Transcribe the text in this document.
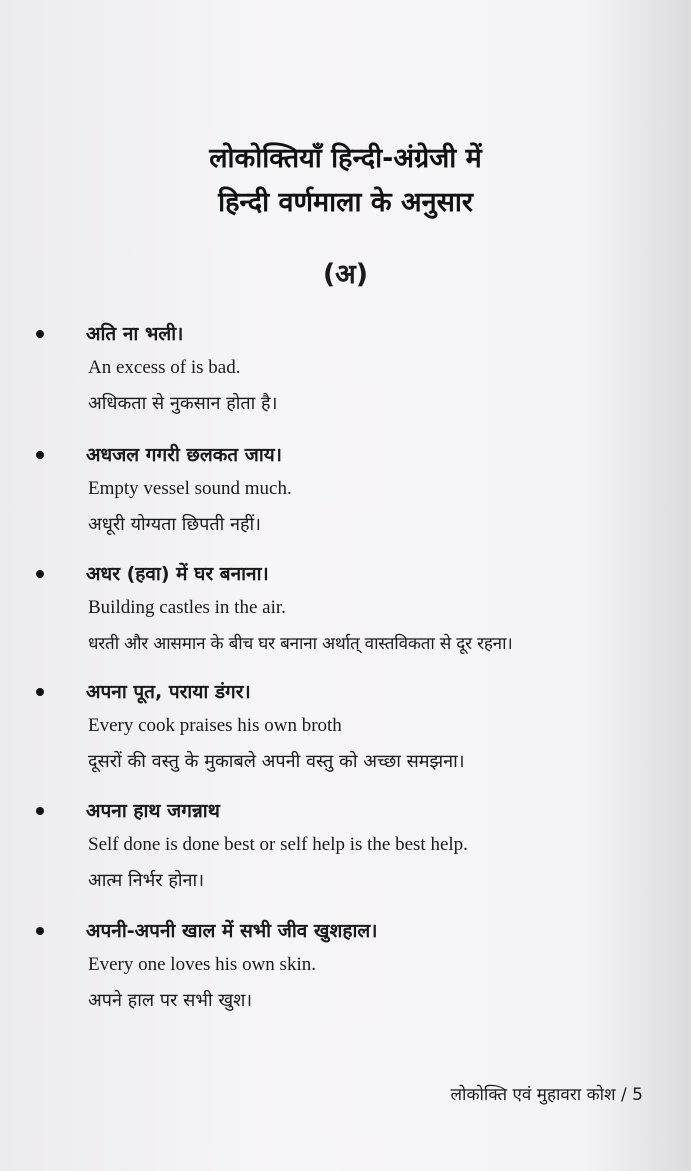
लोकोक्तियाँ हिन्दी-अंग्रेजी में
हिन्दी वर्णमाला के अनुसार
(अ)
अति ना भली।
An excess of is bad.
अधिकता से नुकसान होता है।
अधजल गगरी छलकत जाय।
Empty vessel sound much.
अधूरी योग्यता छिपती नहीं।
अधर (हवा) में घर बनाना।
Building castles in the air.
धरती और आसमान के बीच घर बनाना अर्थात् वास्तविकता से दूर रहना।
अपना पूत, पराया डंगर।
Every cook praises his own broth
दूसरों की वस्तु के मुकाबले अपनी वस्तु को अच्छा समझना।
अपना हाथ जगन्नाथ
Self done is done best or self help is the best help.
आत्म निर्भर होना।
अपनी-अपनी खाल में सभी जीव खुशहाल।
Every one loves his own skin.
अपने हाल पर सभी खुश।
लोकोक्ति एवं मुहावरा कोश / 5
